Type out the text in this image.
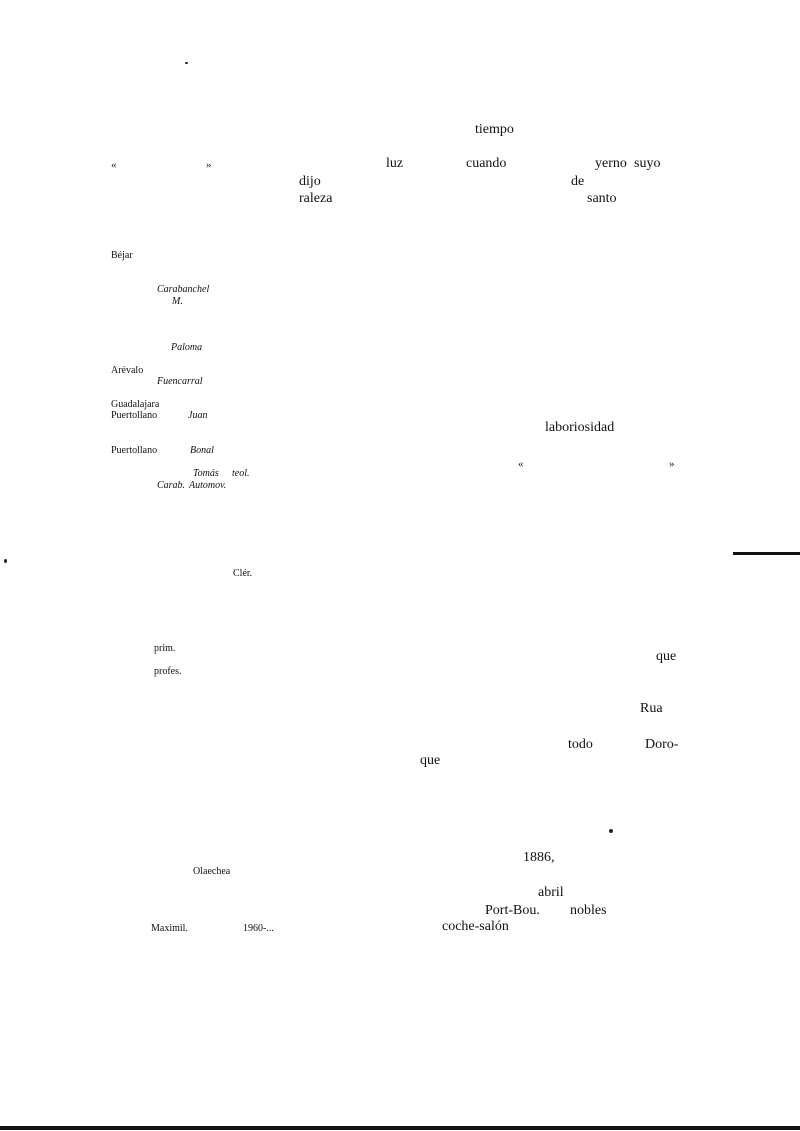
tiempo
luz	cuando	yerno suyo
dijo	de
raleza	santo
laboriosidad
«	»
que
Rua
todo	Doro-
que
1886,
abril
Port-Bou. nobles
coche-salón
«	»
Béjar
Carabanchel
M.
Paloma
Arévalo
Fuencarral
Guadalajara
Puertollano	Juan
Puertollano	Bonal
Tomás teol.
Carab. Automov.
Clér.
prim.
profes.
Olaechea
Maximil.	1960-...
